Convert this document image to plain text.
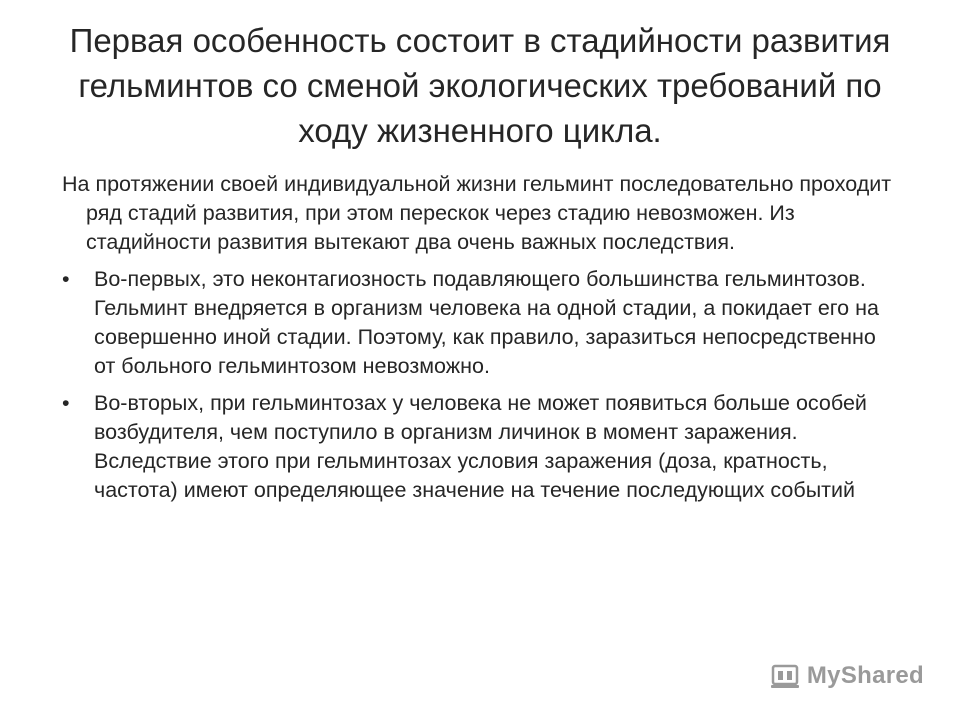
Первая особенность состоит в стадийности развития гельминтов со сменой экологических требований по ходу жизненного цикла.

На протяжении своей индивидуальной жизни гельминт последовательно проходит ряд стадий развития, при этом перескок через стадию невозможен. Из стадийности развития вытекают два очень важных последствия.

•	Во-первых, это неконтагиозность подавляющего большинства гельминтозов. Гельминт внедряется в организм человека на одной стадии, а покидает его на совершенно иной стадии. Поэтому, как правило, заразиться непосредственно от больного гельминтозом невозможно.
•	Во-вторых, при гельминтозах у человека не может появиться больше особей возбудителя, чем поступило в организм личинок в момент заражения. Вследствие этого при гельминтозах условия заражения (доза, кратность, частота) имеют определяющее значение на течение последующих событий
MyShared
